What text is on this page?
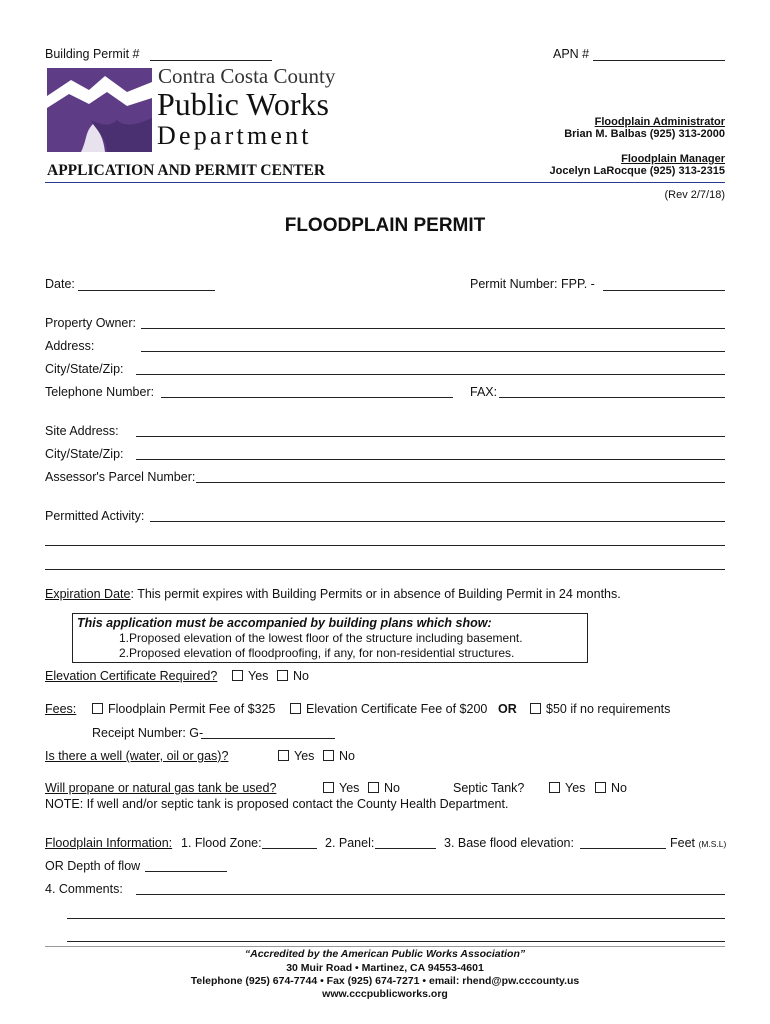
Building Permit #	APN #
Contra Costa County
Public Works
Department
APPLICATION AND PERMIT CENTER
Floodplain Administrator
Brian M. Balbas (925) 313-2000
Floodplain Manager
Jocelyn LaRocque (925) 313-2315
(Rev 2/7/18)
FLOODPLAIN PERMIT
Date:	Permit Number: FPP. -
Property Owner:
Address:
City/State/Zip:
Telephone Number:	FAX:
Site Address:
City/State/Zip:
Assessor's Parcel Number:
Permitted Activity:
Expiration Date: This permit expires with Building Permits or in absence of Building Permit in 24 months.
This application must be accompanied by building plans which show:
1.Proposed elevation of the lowest floor of the structure including basement.
2.Proposed elevation of floodproofing, if any, for non-residential structures.
Elevation Certificate Required?	Yes	No
Fees:	Floodplain Permit Fee of $325	Elevation Certificate Fee of $200 OR	$50 if no requirements
Receipt Number: G-
Is there a well (water, oil or gas)?	Yes	No
Will propane or natural gas tank be used?	Yes	No	Septic Tank?	Yes	No
NOTE: If well and/or septic tank is proposed contact the County Health Department.
Floodplain Information: 1. Flood Zone:	2. Panel:	3. Base flood elevation:	Feet (M.S.L)
OR Depth of flow
4. Comments:
“Accredited by the American Public Works Association”
30 Muir Road • Martinez, CA 94553-4601
Telephone (925) 674-7744 • Fax (925) 674-7271 • email: rhend@pw.cccounty.us
www.cccpublicworks.org
